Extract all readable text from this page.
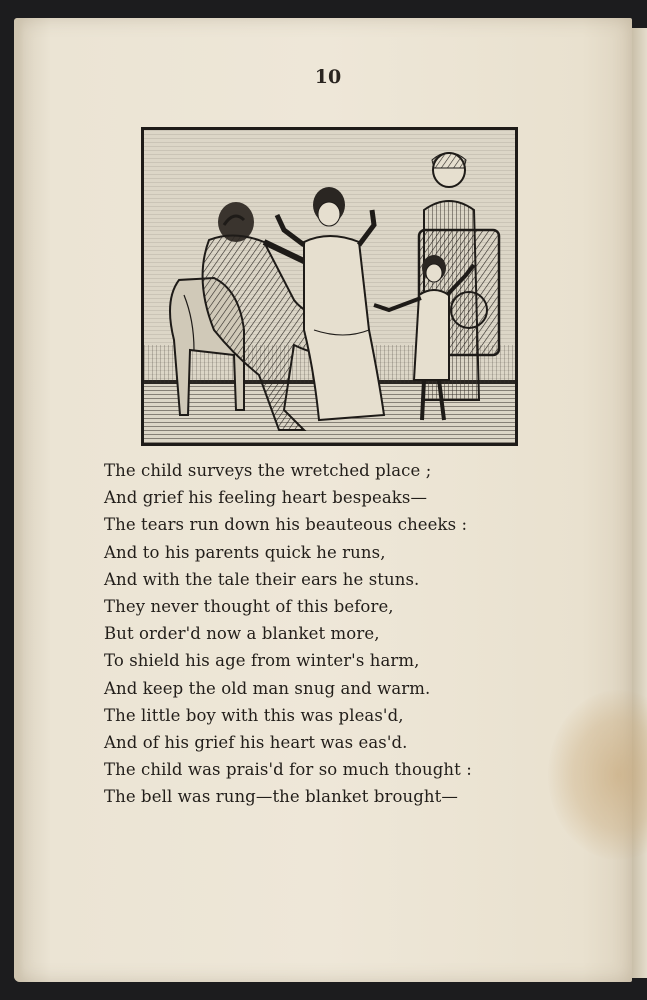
10
The child surveys the wretched place ;
And grief his feeling heart bespeaks—
The tears run down his beauteous cheeks :
And to his parents quick he runs,
And with the tale their ears he stuns.
They never thought of this before,
But order'd now a blanket more,
To shield his age from winter's harm,
And keep the old man snug and warm.
The little boy with this was pleas'd,
And of his grief his heart was eas'd.
The child was prais'd for so much thought :
The bell was rung—the blanket brought—
